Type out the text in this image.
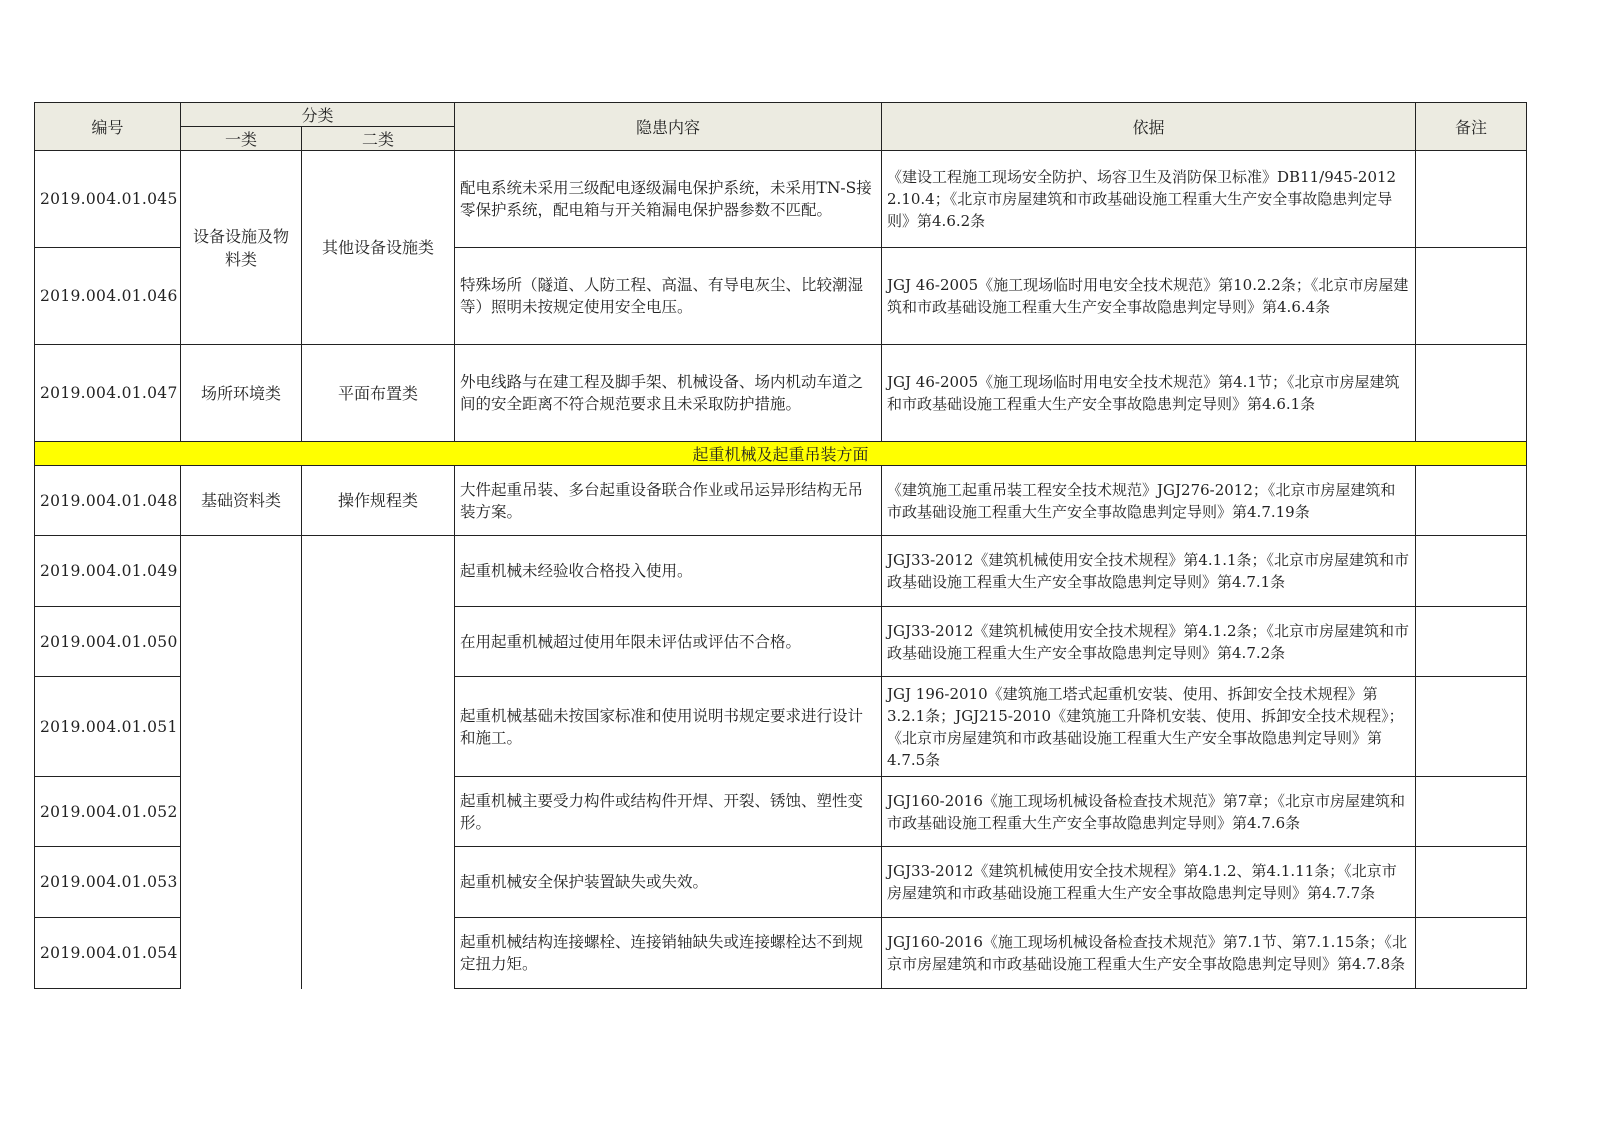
编号	分类		隐患内容	依据	备注
	一类	二类			
2019.004.01.045	设备设施及物料类	其他设备设施类	配电系统未采用三级配电逐级漏电保护系统，未采用TN-S接零保护系统，配电箱与开关箱漏电保护器参数不匹配。	《建设工程施工现场安全防护、场容卫生及消防保卫标准》DB11/945-2012 2.10.4；《北京市房屋建筑和市政基础设施工程重大生产安全事故隐患判定导则》第4.6.2条	
2019.004.01.046			特殊场所（隧道、人防工程、高温、有导电灰尘、比较潮湿等）照明未按规定使用安全电压。	JGJ 46-2005《施工现场临时用电安全技术规范》第10.2.2条；《北京市房屋建筑和市政基础设施工程重大生产安全事故隐患判定导则》第4.6.4条	
2019.004.01.047	场所环境类	平面布置类	外电线路与在建工程及脚手架、机械设备、场内机动车道之间的安全距离不符合规范要求且未采取防护措施。	JGJ 46-2005《施工现场临时用电安全技术规范》第4.1节；《北京市房屋建筑和市政基础设施工程重大生产安全事故隐患判定导则》第4.6.1条	
起重机械及起重吊装方面					
2019.004.01.048	基础资料类	操作规程类	大件起重吊装、多台起重设备联合作业或吊运异形结构无吊装方案。	《建筑施工起重吊装工程安全技术规范》JGJ276-2012；《北京市房屋建筑和市政基础设施工程重大生产安全事故隐患判定导则》第4.7.19条	
2019.004.01.049			起重机械未经验收合格投入使用。	JGJ33-2012《建筑机械使用安全技术规程》第4.1.1条；《北京市房屋建筑和市政基础设施工程重大生产安全事故隐患判定导则》第4.7.1条	
2019.004.01.050			在用起重机械超过使用年限未评估或评估不合格。	JGJ33-2012《建筑机械使用安全技术规程》第4.1.2条；《北京市房屋建筑和市政基础设施工程重大生产安全事故隐患判定导则》第4.7.2条	
2019.004.01.051			起重机械基础未按国家标准和使用说明书规定要求进行设计和施工。	JGJ 196-2010《建筑施工塔式起重机安装、使用、拆卸安全技术规程》第3.2.1条；JGJ215-2010《建筑施工升降机安装、使用、拆卸安全技术规程》；《北京市房屋建筑和市政基础设施工程重大生产安全事故隐患判定导则》第4.7.5条	
2019.004.01.052			起重机械主要受力构件或结构件开焊、开裂、锈蚀、塑性变形。	JGJ160-2016《施工现场机械设备检查技术规范》第7章；《北京市房屋建筑和市政基础设施工程重大生产安全事故隐患判定导则》第4.7.6条	
2019.004.01.053			起重机械安全保护装置缺失或失效。	JGJ33-2012《建筑机械使用安全技术规程》第4.1.2、第4.1.11条；《北京市房屋建筑和市政基础设施工程重大生产安全事故隐患判定导则》第4.7.7条	
2019.004.01.054			起重机械结构连接螺栓、连接销轴缺失或连接螺栓达不到规定扭力矩。	JGJ160-2016《施工现场机械设备检查技术规范》第7.1节、第7.1.15条；《北京市房屋建筑和市政基础设施工程重大生产安全事故隐患判定导则》第4.7.8条	
